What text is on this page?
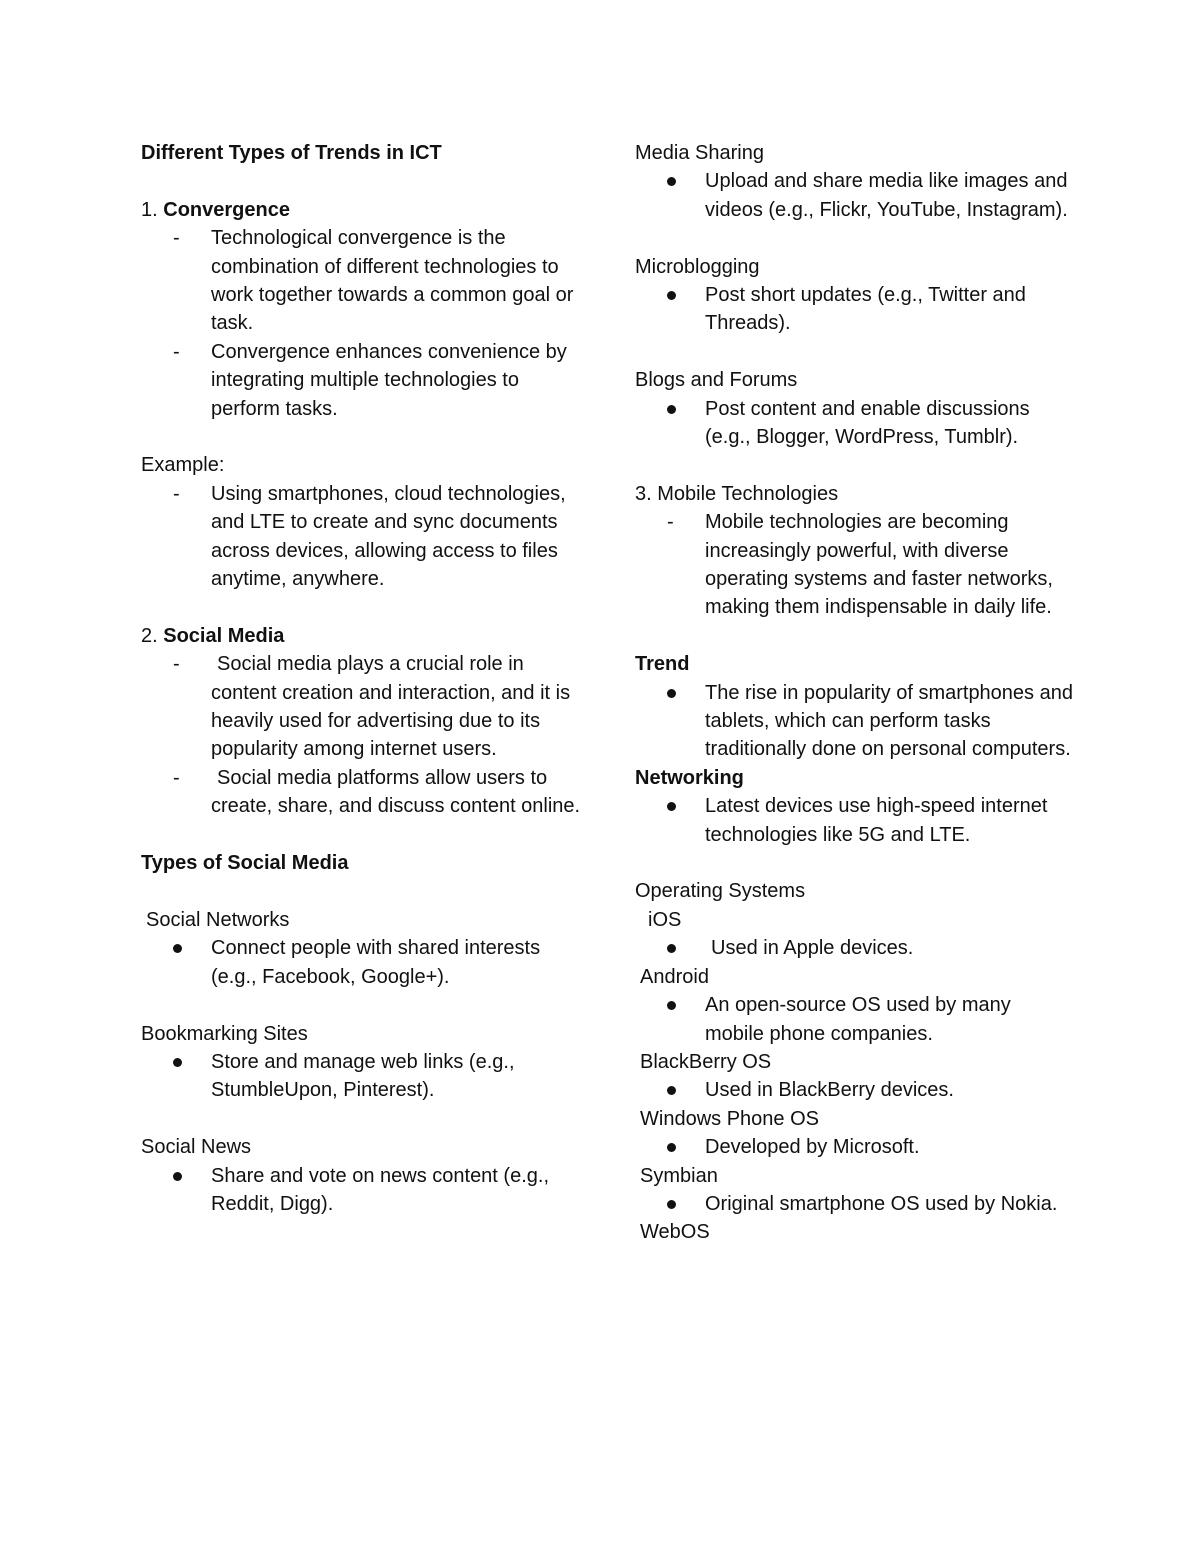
Different Types of Trends in ICT

1. Convergence

- Technological convergence is the combination of different technologies to work together towards a common goal or task.
- Convergence enhances convenience by integrating multiple technologies to perform tasks.

Example:

- Using smartphones, cloud technologies, and LTE to create and sync documents across devices, allowing access to files anytime, anywhere.

2. Social Media

-	Social media plays a crucial role in content creation and interaction, and it is heavily used for advertising due to its popularity among internet users.
-	Social media platforms allow users to create, share, and discuss content online.

Types of Social Media

Social Networks

Connect people with shared interests (e.g., Facebook, Google+).

Bookmarking Sites

Store and manage web links (e.g., StumbleUpon, Pinterest).

Social News

Share and vote on news content (e.g., Reddit, Digg).

Media Sharing

Upload and share media like images and videos (e.g., Flickr, YouTube, Instagram).

Microblogging

Post short updates (e.g., Twitter and Threads).

Blogs and Forums

Post content and enable discussions (e.g., Blogger, WordPress, Tumblr).

3. Mobile Technologies

- Mobile technologies are becoming increasingly powerful, with diverse operating systems and faster networks, making them indispensable in daily life.

Trend

The rise in popularity of smartphones and tablets, which can perform tasks traditionally done on personal computers.

Networking

Latest devices use high-speed internet technologies like 5G and LTE.

Operating Systems

iOS

Used in Apple devices.

Android

An open-source OS used by many mobile phone companies.

BlackBerry OS

Used in BlackBerry devices.

Windows Phone OS

Developed by Microsoft.

Symbian

Original smartphone OS used by Nokia.

WebOS
